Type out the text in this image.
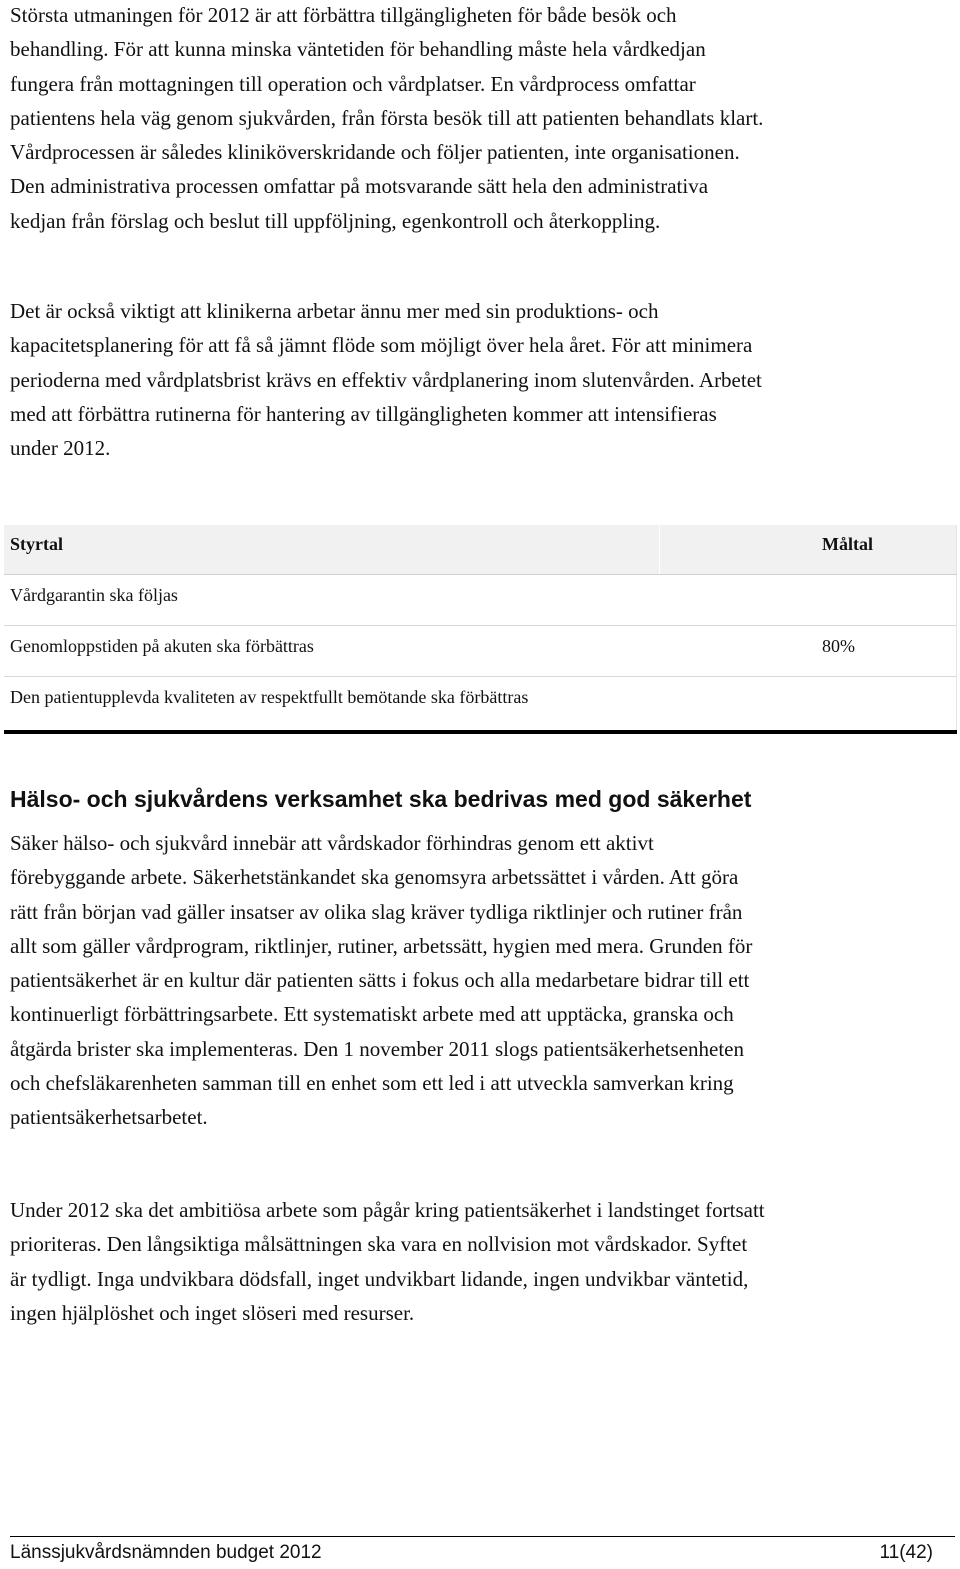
Största utmaningen för 2012 är att förbättra tillgängligheten för både besök och
behandling. För att kunna minska väntetiden för behandling måste hela vårdkedjan
fungera från mottagningen till operation och vårdplatser. En vårdprocess omfattar
patientens hela väg genom sjukvården, från första besök till att patienten behandlats klart.
Vårdprocessen är således kliniköverskridande och följer patienten, inte organisationen.
Den administrativa processen omfattar på motsvarande sätt hela den administrativa
kedjan från förslag och beslut till uppföljning, egenkontroll och återkoppling.
Det är också viktigt att klinikerna arbetar ännu mer med sin produktions- och
kapacitetsplanering för att få så jämnt flöde som möjligt över hela året. För att minimera
perioderna med vårdplatsbrist krävs en effektiv vårdplanering inom slutenvården. Arbetet
med att förbättra rutinerna för hantering av tillgängligheten kommer att intensifieras
under 2012.
Styrtal	Måltal
Vårdgarantin ska följas
Genomloppstiden på akuten ska förbättras	80%
Den patientupplevda kvaliteten av respektfullt bemötande ska förbättras
Hälso- och sjukvårdens verksamhet ska bedrivas med god säkerhet
Säker hälso- och sjukvård innebär att vårdskador förhindras genom ett aktivt
förebyggande arbete. Säkerhetstänkandet ska genomsyra arbetssättet i vården. Att göra
rätt från början vad gäller insatser av olika slag kräver tydliga riktlinjer och rutiner från
allt som gäller vårdprogram, riktlinjer, rutiner, arbetssätt, hygien med mera. Grunden för
patientsäkerhet är en kultur där patienten sätts i fokus och alla medarbetare bidrar till ett
kontinuerligt förbättringsarbete. Ett systematiskt arbete med att upptäcka, granska och
åtgärda brister ska implementeras. Den 1 november 2011 slogs patientsäkerhetsenheten
och chefsläkarenheten samman till en enhet som ett led i att utveckla samverkan kring
patientsäkerhetsarbetet.
Under 2012 ska det ambitiösa arbete som pågår kring patientsäkerhet i landstinget fortsatt
prioriteras. Den långsiktiga målsättningen ska vara en nollvision mot vårdskador. Syftet
är tydligt. Inga undvikbara dödsfall, inget undvikbart lidande, ingen undvikbar väntetid,
ingen hjälplöshet och inget slöseri med resurser.
Länssjukvårdsnämnden budget 2012	11(42)
